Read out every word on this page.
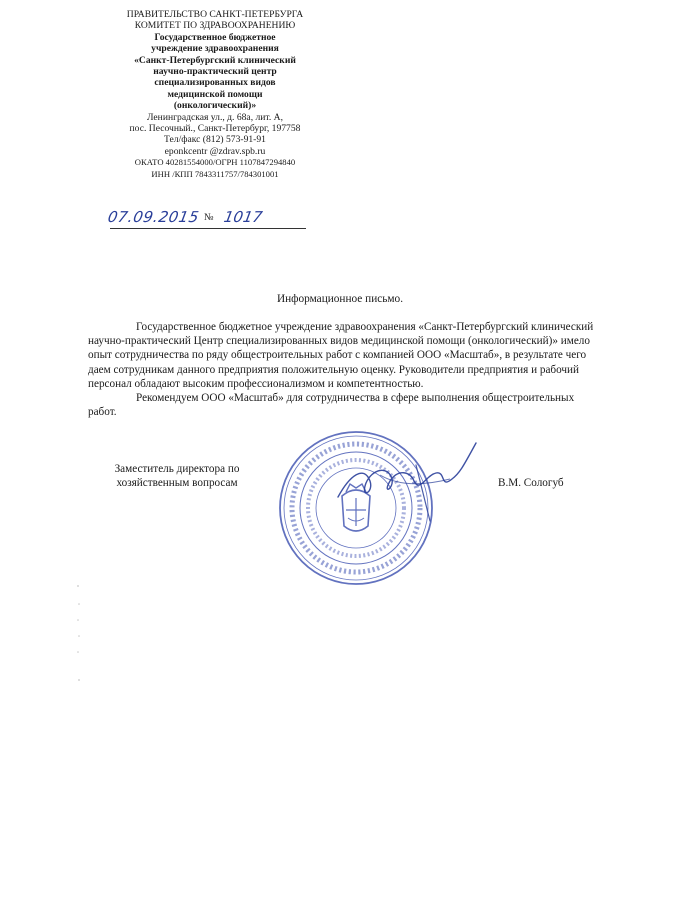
ПРАВИТЕЛЬСТВО САНКТ-ПЕТЕРБУРГА
КОМИТЕТ ПО ЗДРАВООХРАНЕНИЮ
Государственное бюджетное
учреждение здравоохранения
«Санкт-Петербургский клинический
научно-практический центр
специализированных видов
медицинской помощи
(онкологический)»
Ленинградская ул., д. 68а, лит. А,
пос. Песочный., Санкт-Петербург, 197758
Тел/факс (812) 573-91-91
eponkcentr @zdrav.spb.ru
ОКАТО 40281554000/ОГРН 1107847294840
ИНН /КПП 7843311757/784301001
07.09.2015 № 1017
Информационное письмо.
Государственное бюджетное учреждение здравоохранения «Санкт-Петербургский клинический научно-практический Центр специализированных видов медицинской помощи (онкологический)» имело опыт сотрудничества по ряду общестроительных работ с компанией ООО «Масштаб», в результате чего даем сотрудникам данного предприятия положительную оценку. Руководители предприятия и рабочий персонал обладают высоким профессионализмом и компетентностью.
Рекомендуем ООО «Масштаб» для сотрудничества в сфере выполнения общестроительных работ.
Заместитель директора по
хозяйственным вопросам	В.М. Сологуб
